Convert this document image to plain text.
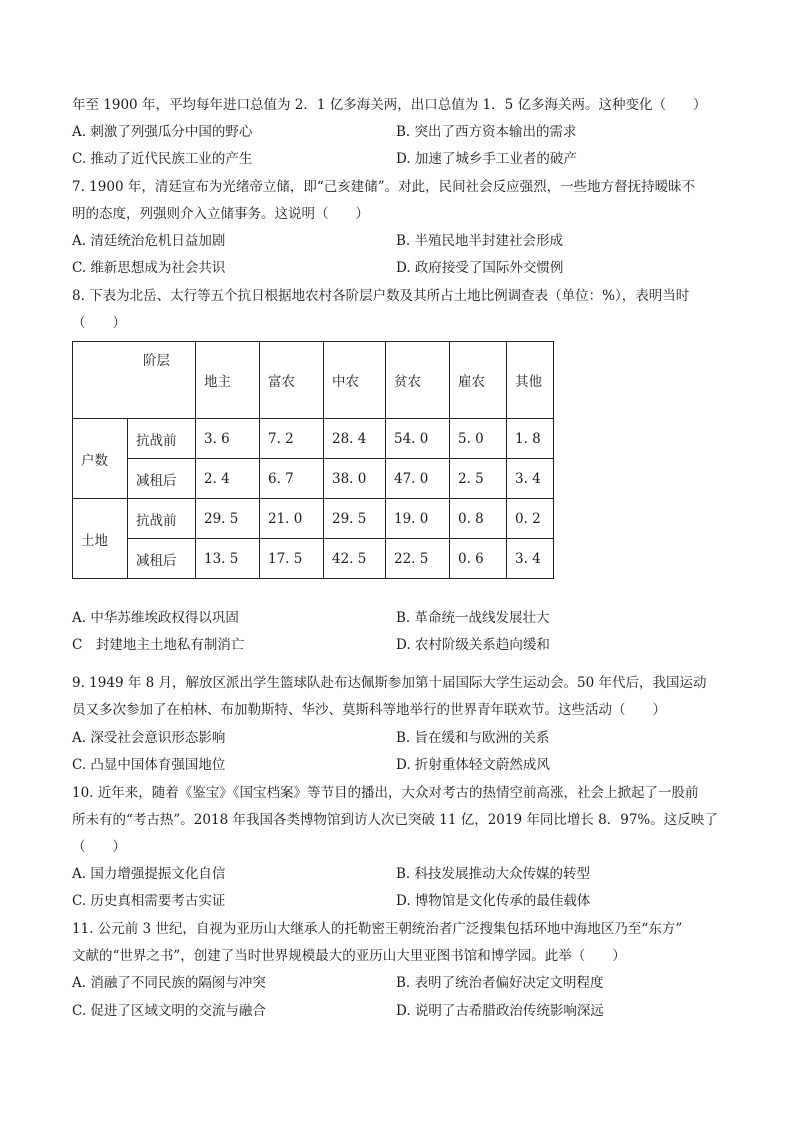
年至 1900 年，平均每年进口总值为 2．1 亿多海关两，出口总值为 1．5 亿多海关两。这种变化（　　）
A. 刺激了列强瓜分中国的野心	B. 突出了西方资本输出的需求
C. 推动了近代民族工业的产生	D. 加速了城乡手工业者的破产
7. 1900 年，清廷宣布为光绪帝立储，即“己亥建储”。对此，民间社会反应强烈，一些地方督抚持暧昧不
明的态度，列强则介入立储事务。这说明（　　）
A. 清廷统治危机日益加剧	B. 半殖民地半封建社会形成
C. 维新思想成为社会共识	D. 政府接受了国际外交惯例
8. 下表为北岳、太行等五个抗日根据地农村各阶层户数及其所占土地比例调查表（单位：%），表明当时
（　　）
阶层		地主	富农	中农	贫农	雇农	其他
户数	抗战前	3. 6	7. 2	28. 4	54. 0	5. 0	1. 8
	减租后	2. 4	6. 7	38. 0	47. 0	2. 5	3. 4
土地	抗战前	29. 5	21. 0	29. 5	19. 0	0. 8	0. 2
	减租后	13. 5	17. 5	42. 5	22. 5	0. 6	3. 4
A. 中华苏维埃政权得以巩固	B. 革命统一战线发展壮大
C　封建地主土地私有制消亡	D. 农村阶级关系趋向缓和
9. 1949 年 8 月，解放区派出学生篮球队赴布达佩斯参加第十届国际大学生运动会。50 年代后，我国运动
员又多次参加了在柏林、布加勒斯特、华沙、莫斯科等地举行的世界青年联欢节。这些活动（　　）
A. 深受社会意识形态影响	B. 旨在缓和与欧洲的关系
C. 凸显中国体育强国地位	D. 折射重体轻文蔚然成风
10. 近年来，随着《鉴宝》《国宝档案》等节目的播出，大众对考古的热情空前高涨，社会上掀起了一股前
所未有的“考古热”。2018 年我国各类博物馆到访人次已突破 11 亿，2019 年同比增长 8．97%。这反映了
（　　）
A. 国力增强提振文化自信	B. 科技发展推动大众传媒的转型
C. 历史真相需要考古实证	D. 博物馆是文化传承的最佳载体
11. 公元前 3 世纪，自视为亚历山大继承人的托勒密王朝统治者广泛搜集包括环地中海地区乃至“东方”
文献的“世界之书”，创建了当时世界规模最大的亚历山大里亚图书馆和博学园。此举（　　）
A. 消融了不同民族的隔阂与冲突	B. 表明了统治者偏好决定文明程度
C. 促进了区域文明的交流与融合	D. 说明了古希腊政治传统影响深远
